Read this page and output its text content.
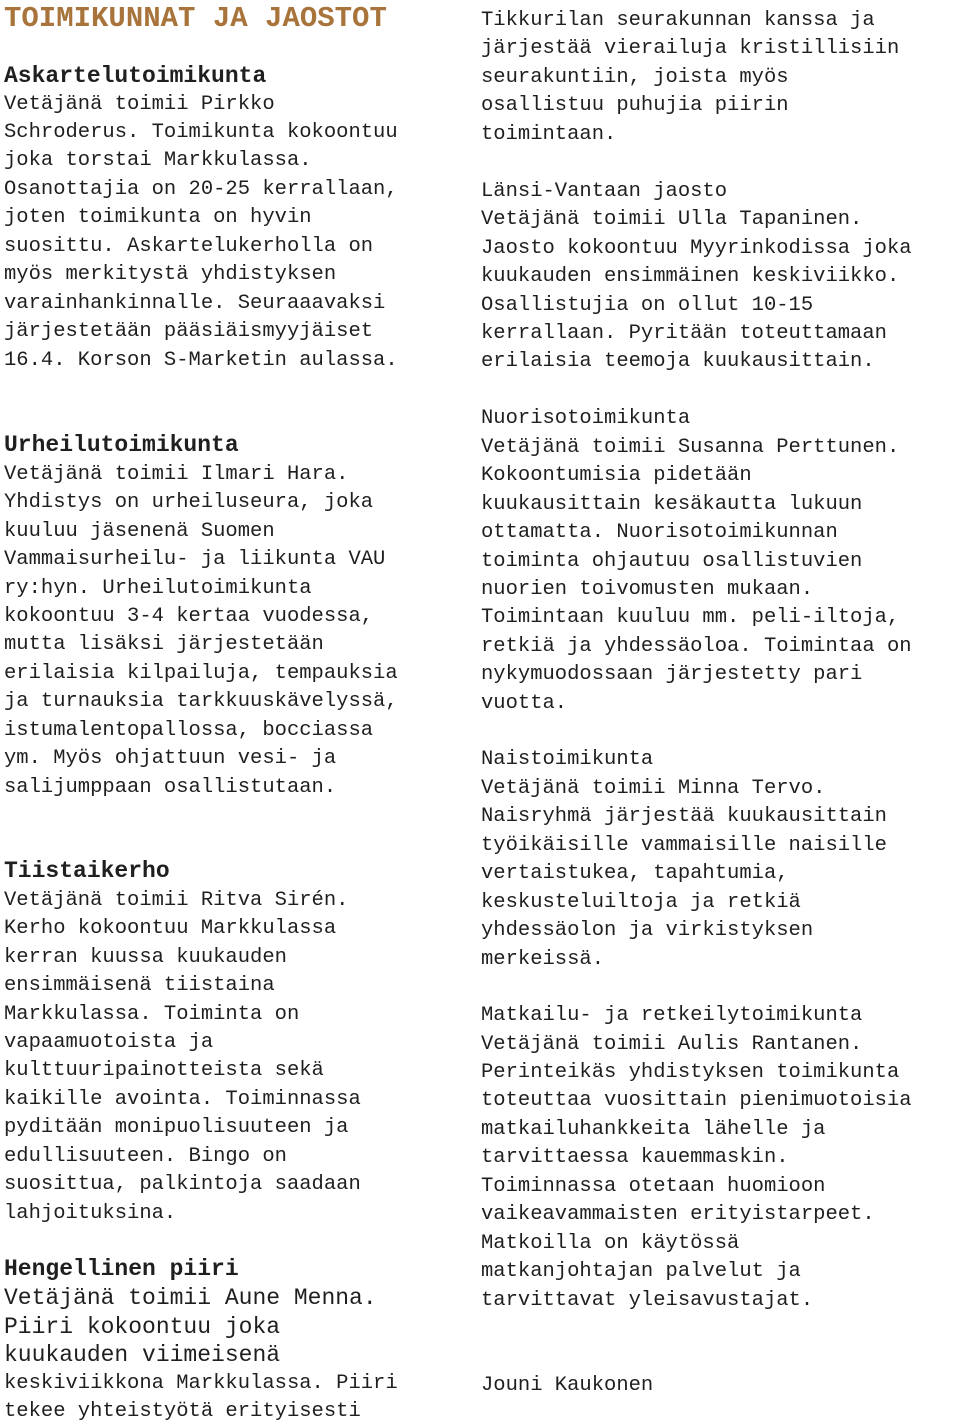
TOIMIKUNNAT JA JAOSTOT
Askartelutoimikunta

Vetäjänä toimii Pirkko

Schroderus. Toimikunta kokoontuu

joka torstai Markkulassa.

Osanottajia on 20-25 kerrallaan,

joten toimikunta on hyvin

suosittu. Askartelukerholla on

myös merkitystä yhdistyksen

varainhankinnalle. Seuraaavaksi

järjestetään pääsiäismyyjäiset

16.4. Korson S-Marketin aulassa.

Urheilutoimikunta

Vetäjänä toimii Ilmari Hara.

Yhdistys on urheiluseura, joka

kuuluu jäsenenä Suomen

Vammaisurheilu- ja liikunta VAU

ry:hyn. Urheilutoimikunta

kokoontuu 3-4 kertaa vuodessa,

mutta lisäksi järjestetään

erilaisia kilpailuja, tempauksia

ja turnauksia tarkkuuskävelyssä,

istumalentopallossa, bocciassa

ym. Myös ohjattuun vesi- ja

salijumppaan osallistutaan.

Tiistaikerho

Vetäjänä toimii Ritva Sirén.

Kerho kokoontuu Markkulassa

kerran kuussa kuukauden

ensimmäisenä tiistaina

Markkulassa. Toiminta on

vapaamuotoista ja

kulttuuripainotteista sekä

kaikille avointa. Toiminnassa

pyditään monipuolisuuteen ja

edullisuuteen. Bingo on

suosittua, palkintoja saadaan

lahjoituksina.

Hengellinen piiri

Vetäjänä toimii Aune Menna.

Piiri kokoontuu joka

kuukauden viimeisenä

keskiviikkona Markkulassa. Piiri

tekee yhteistyötä erityisesti

Tikkurilan seurakunnan kanssa ja

järjestää vierailuja kristillisiin

seurakuntiin, joista myös

osallistuu puhujia piirin

toimintaan.

Länsi-Vantaan jaosto

Vetäjänä toimii Ulla Tapaninen.

Jaosto kokoontuu Myyrinkodissa joka

kuukauden ensimmäinen keskiviikko.

Osallistujia on ollut 10-15

kerrallaan. Pyritään toteuttamaan

erilaisia teemoja kuukausittain.

Nuorisotoimikunta

Vetäjänä toimii Susanna Perttunen.

Kokoontumisia pidetään

kuukausittain kesäkautta lukuun

ottamatta. Nuorisotoimikunnan

toiminta ohjautuu osallistuvien

nuorien toivomusten mukaan.

Toimintaan kuuluu mm. peli-iltoja,

retkiä ja yhdessäoloa. Toimintaa on

nykymuodossaan järjestetty pari

vuotta.

Naistoimikunta

Vetäjänä toimii Minna Tervo.

Naisryhmä järjestää kuukausittain

työikäisille vammaisille naisille

vertaistukea, tapahtumia,

keskusteluiltoja ja retkiä

yhdessäolon ja virkistyksen

merkeissä.

Matkailu- ja retkeilytoimikunta

Vetäjänä toimii Aulis Rantanen.

Perinteikäs yhdistyksen toimikunta

toteuttaa vuosittain pienimuotoisia

matkailuhankkeita lähelle ja

tarvittaessa kauemmaskin.

Toiminnassa otetaan huomioon

vaikeavammaisten erityistarpeet.

Matkoilla on käytössä

matkanjohtajan palvelut ja

tarvittavat yleisavustajat.

Jouni Kaukonen
